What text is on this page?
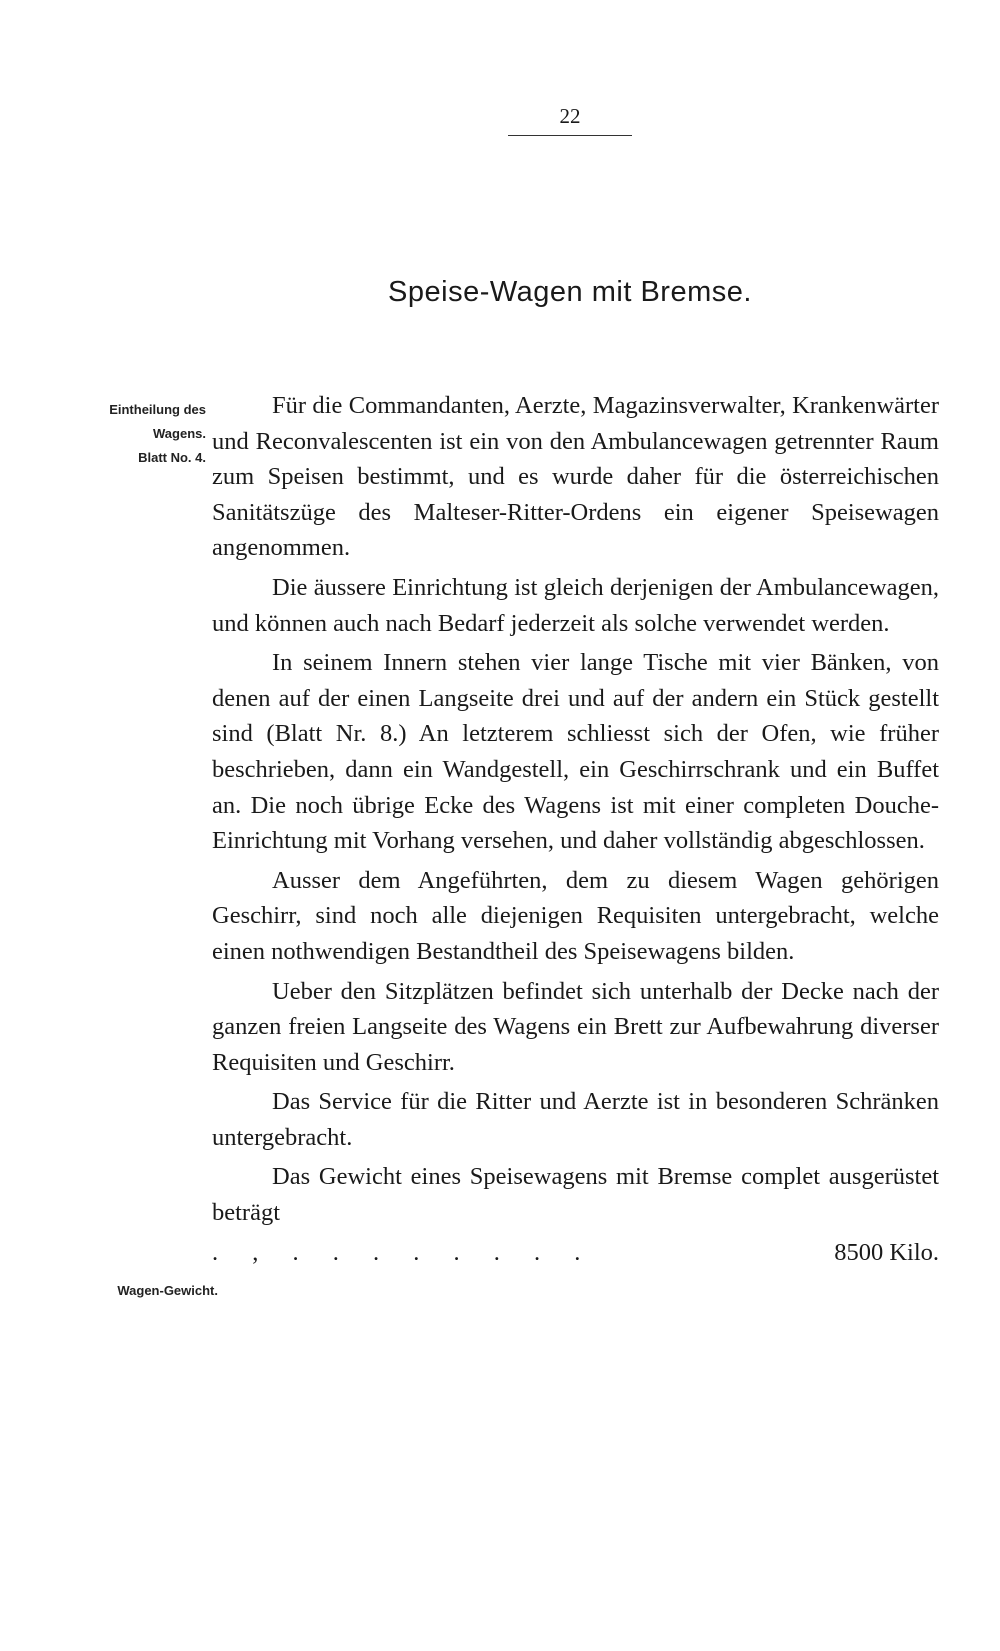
22
Speise-Wagen mit Bremse.
Eintheilung des
Wagens.
Blatt No. 4.
Wagen-Gewicht.

Für die Commandanten, Aerzte, Magazinsverwalter, Krankenwärter und Reconvalescenten ist ein von den Ambulancewagen getrennter Raum zum Speisen bestimmt, und es wurde daher für die österreichischen Sanitätszüge des Malteser-Ritter-Ordens ein eigener Speisewagen angenommen.

Die äussere Einrichtung ist gleich derjenigen der Ambulancewagen, und können auch nach Bedarf jederzeit als solche verwendet werden.

In seinem Innern stehen vier lange Tische mit vier Bänken, von denen auf der einen Langseite drei und auf der andern ein Stück gestellt sind (Blatt Nr. 8.) An letzterem schliesst sich der Ofen, wie früher beschrieben, dann ein Wandgestell, ein Geschirrschrank und ein Buffet an. Die noch übrige Ecke des Wagens ist mit einer completen Douche-Einrichtung mit Vorhang versehen, und daher vollständig abgeschlossen.

Ausser dem Angeführten, dem zu diesem Wagen gehörigen Geschirr, sind noch alle diejenigen Requisiten untergebracht, welche einen nothwendigen Bestandtheil des Speisewagens bilden.

Ueber den Sitzplätzen befindet sich unterhalb der Decke nach der ganzen freien Langseite des Wagens ein Brett zur Aufbewahrung diverser Requisiten und Geschirr.

Das Service für die Ritter und Aerzte ist in besonderen Schränken untergebracht.

Das Gewicht eines Speisewagens mit Bremse complet ausgerüstet beträgt

. , . . . . . . . .	8500 Kilo.
